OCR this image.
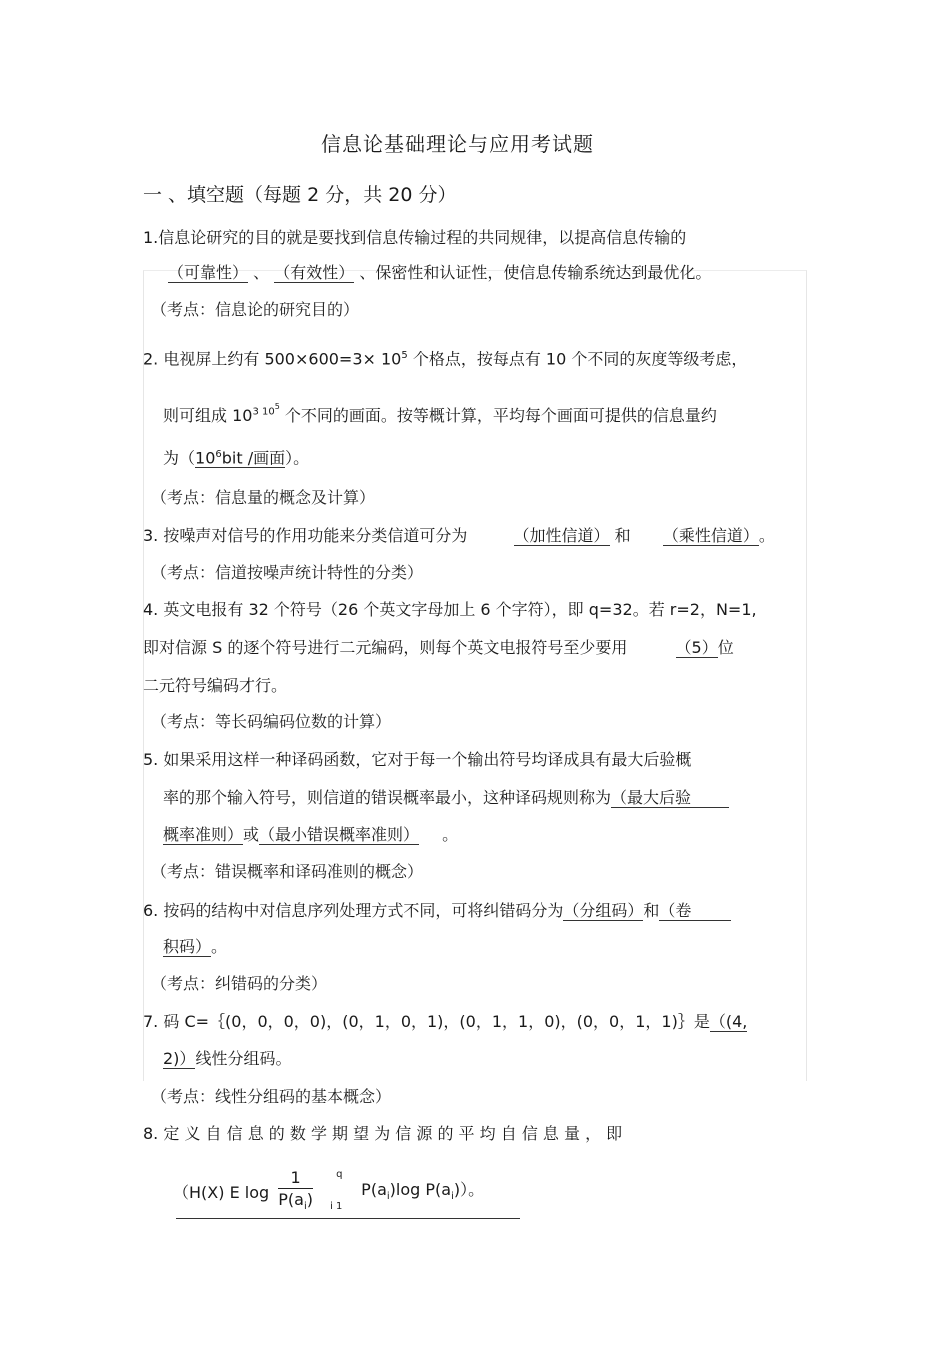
信息论基础理论与应用考试题
一 、填空题（每题 2 分，共 20 分）
1.信息论研究的目的就是要找到信息传输过程的共同规律，以提高信息传输的
（可靠性） 、 （有效性） 、保密性和认证性，使信息传输系统达到最优化。
（考点：信息论的研究目的）
2. 电视屏上约有 $500\times 600=3\times 10^5$ 个格点，按每点有 10 个不同的灰度等级考虑，
则可组成 $10^{3 105}$ 个不同的画面。按等概计算，平均每个画面可提供的信息量约
为（$10^6bit$ /画面）。
（考点：信息量的概念及计算）
3. 按噪声对信号的作用功能来分类信道可分为	（加性信道） 和 （乘性信道）。
（考点：信道按噪声统计特性的分类）
4. 英文电报有 32 个符号（26 个英文字母加上 6 个字符），即 q=32。若 r=2，N=1,
即对信源 S 的逐个符号进行二元编码，则每个英文电报符号至少要用	（5）位
二元符号编码才行。
（考点：等长码编码位数的计算）
5. 如果采用这样一种译码函数，它对于每一个输出符号均译成具有最大后验概
率的那个输入符号，则信道的错误概率最小，这种译码规则称为（最大后验
概率准则）或（最小错误概率准则） 。
（考点：错误概率和译码准则的概念）
6. 按码的结构中对信息序列处理方式不同，可将纠错码分为（分组码）和（卷
积码）。
（考点：纠错码的分类）
7. 码 C=｛(0，0，0，0)，(0，1，0，1)，(0，1，1，0)，(0，0，1，1)｝是（(4,
2)）线性分组码。
（考点：线性分组码的基本概念）
8. 定 义 自 信 息 的 数 学 期 望 为 信 源 的 平 均 自 信 息 量 ， 即
（H(X) E $\log \frac{1}{P(a_i)}$
q
i 1
$P(a_i)\log$ $P(a_i)$）。
